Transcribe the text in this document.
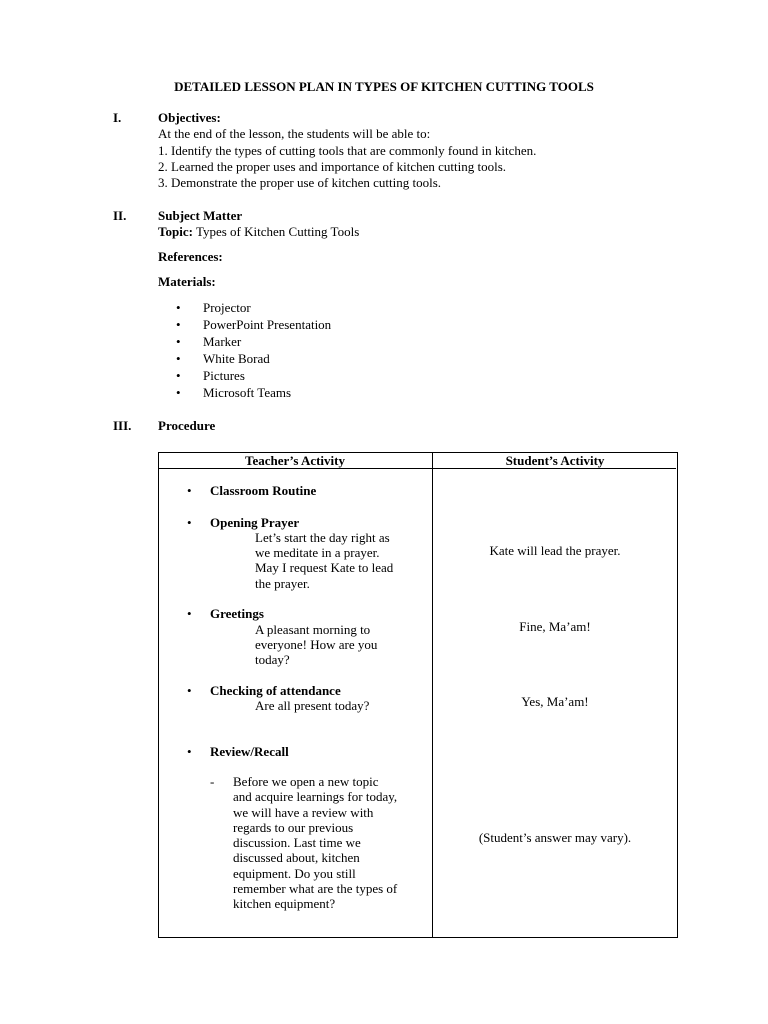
DETAILED LESSON PLAN IN TYPES OF KITCHEN CUTTING TOOLS
I.	Objectives:
At the end of the lesson, the students will be able to:
1. Identify the types of cutting tools that are commonly found in kitchen.
2. Learned the proper uses and importance of kitchen cutting tools.
3. Demonstrate the proper use of kitchen cutting tools.
II. Subject Matter
Topic: Types of Kitchen Cutting Tools
References:
Materials:
• Projector
• PowerPoint Presentation
• Marker
• White Borad
• Pictures
• Microsoft Teams
III. Procedure
Teacher’s Activity	Student’s Activity
• Classroom Routine
• Opening Prayer
Let’s start the day right as
we meditate in a prayer.
May I request Kate to lead
the prayer.
• Greetings
A pleasant morning to
everyone! How are you
today?
• Checking of attendance
Are all present today?
• Review/Recall
- Before we open a new topic
and acquire learnings for today,
we will have a review with
regards to our previous
discussion. Last time we
discussed about, kitchen
equipment. Do you still
remember what are the types of
kitchen equipment?
Kate will lead the prayer.
Fine, Ma’am!
Yes, Ma’am!
(Student’s answer may vary).
